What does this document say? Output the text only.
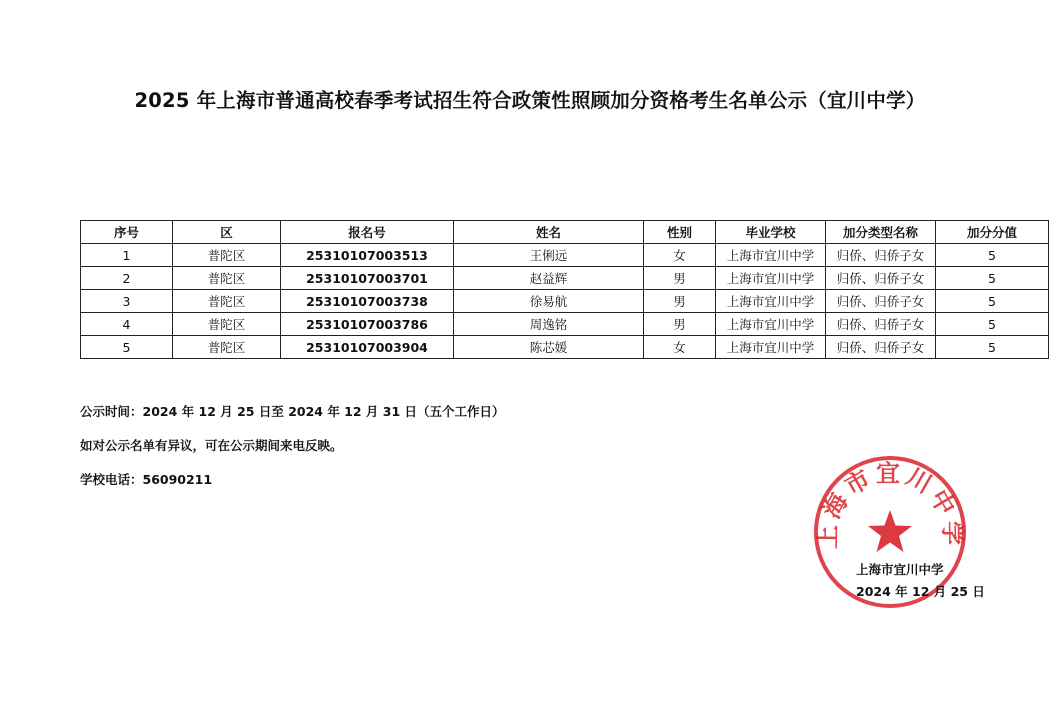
2025 年上海市普通高校春季考试招生符合政策性照顾加分资格考生名单公示（宜川中学）
序号	区	报名号	姓名	性别	毕业学校	加分类型名称	加分分值
1	普陀区	25310107003513	王俐远	女	上海市宜川中学	归侨、归侨子女	5
2	普陀区	25310107003701	赵益辉	男	上海市宜川中学	归侨、归侨子女	5
3	普陀区	25310107003738	徐易航	男	上海市宜川中学	归侨、归侨子女	5
4	普陀区	25310107003786	周逸铭	男	上海市宜川中学	归侨、归侨子女	5
5	普陀区	25310107003904	陈芯媛	女	上海市宜川中学	归侨、归侨子女	5
公示时间：2024 年 12 月 25 日至 2024 年 12 月 31 日（五个工作日）
如对公示名单有异议，可在公示期间来电反映。
学校电话：56090211
上海市宜川中学
上海市宜川中学
2024 年 12 月 25 日
